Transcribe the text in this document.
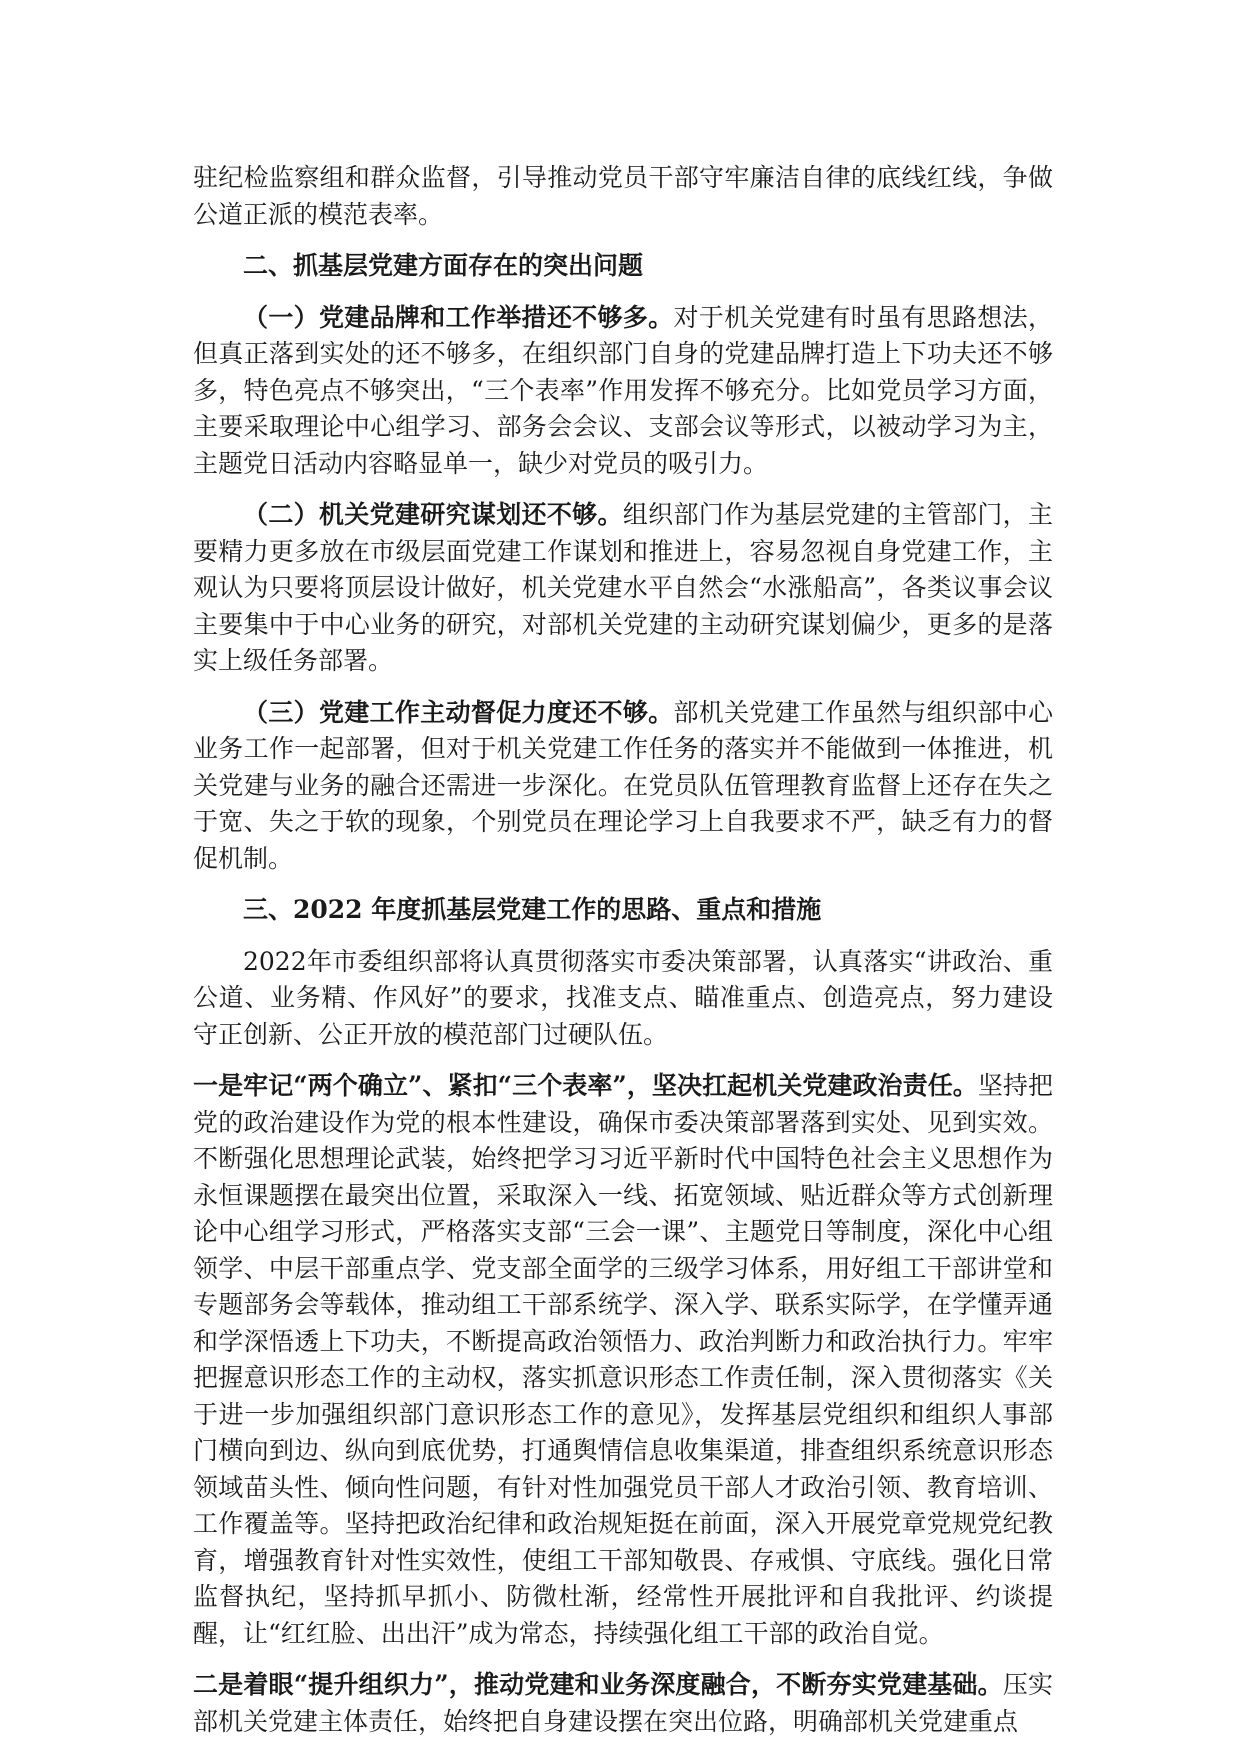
驻纪检监察组和群众监督，引导推动党员干部守牢廉洁自律的底线红线，争做公道正派的模范表率。

二、抓基层党建方面存在的突出问题

（一）党建品牌和工作举措还不够多。对于机关党建有时虽有思路想法，但真正落到实处的还不够多，在组织部门自身的党建品牌打造上下功夫还不够多，特色亮点不够突出，“三个表率”作用发挥不够充分。比如党员学习方面，主要采取理论中心组学习、部务会会议、支部会议等形式，以被动学习为主，主题党日活动内容略显单一，缺少对党员的吸引力。

（二）机关党建研究谋划还不够。组织部门作为基层党建的主管部门，主要精力更多放在市级层面党建工作谋划和推进上，容易忽视自身党建工作，主观认为只要将顶层设计做好，机关党建水平自然会“水涨船高”，各类议事会议主要集中于中心业务的研究，对部机关党建的主动研究谋划偏少，更多的是落实上级任务部署。

（三）党建工作主动督促力度还不够。部机关党建工作虽然与组织部中心业务工作一起部署，但对于机关党建工作任务的落实并不能做到一体推进，机关党建与业务的融合还需进一步深化。在党员队伍管理教育监督上还存在失之于宽、失之于软的现象，个别党员在理论学习上自我要求不严，缺乏有力的督促机制。

三、2022 年度抓基层党建工作的思路、重点和措施

2022年市委组织部将认真贯彻落实市委决策部署，认真落实“讲政治、重公道、业务精、作风好”的要求，找准支点、瞄准重点、创造亮点，努力建设守正创新、公正开放的模范部门过硬队伍。

一是牢记“两个确立”、紧扣“三个表率”，坚决扛起机关党建政治责任。坚持把党的政治建设作为党的根本性建设，确保市委决策部署落到实处、见到实效。不断强化思想理论武装，始终把学习习近平新时代中国特色社会主义思想作为永恒课题摆在最突出位置，采取深入一线、拓宽领域、贴近群众等方式创新理论中心组学习形式，严格落实支部“三会一课”、主题党日等制度，深化中心组领学、中层干部重点学、党支部全面学的三级学习体系，用好组工干部讲堂和专题部务会等载体，推动组工干部系统学、深入学、联系实际学，在学懂弄通和学深悟透上下功夫，不断提高政治领悟力、政治判断力和政治执行力。牢牢把握意识形态工作的主动权，落实抓意识形态工作责任制，深入贯彻落实《关于进一步加强组织部门意识形态工作的意见》，发挥基层党组织和组织人事部门横向到边、纵向到底优势，打通舆情信息收集渠道，排查组织系统意识形态领域苗头性、倾向性问题，有针对性加强党员干部人才政治引领、教育培训、工作覆盖等。坚持把政治纪律和政治规矩挺在前面，深入开展党章党规党纪教育，增强教育针对性实效性，使组工干部知敬畏、存戒惧、守底线。强化日常监督执纪，坚持抓早抓小、防微杜渐，经常性开展批评和自我批评、约谈提醒，让“红红脸、出出汗”成为常态，持续强化组工干部的政治自觉。

二是着眼“提升组织力”，推动党建和业务深度融合，不断夯实党建基础。压实部机关党建主体责任，始终把自身建设摆在突出位路，明确部机关党建重点
